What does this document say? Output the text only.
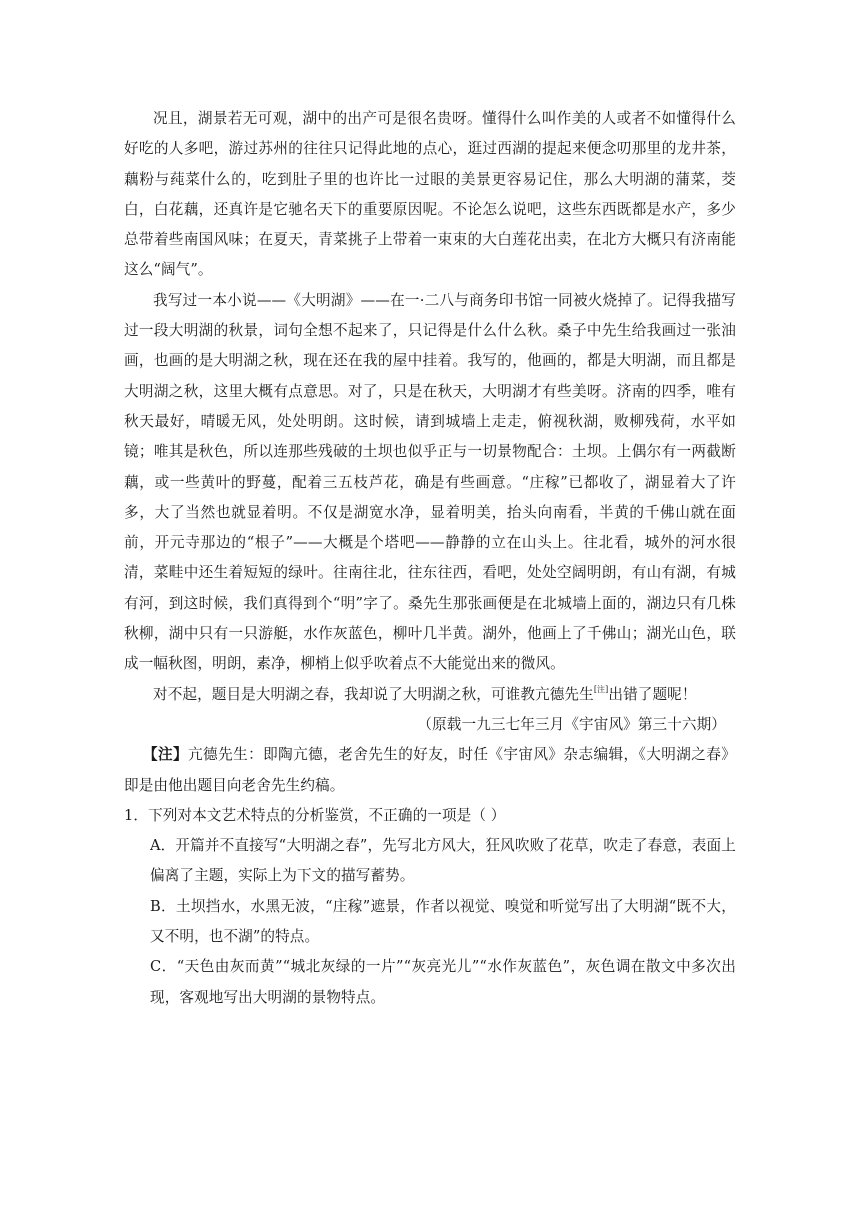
况且，湖景若无可观，湖中的出产可是很名贵呀。懂得什么叫作美的人或者不如懂得什么好吃的人多吧，游过苏州的往往只记得此地的点心，逛过西湖的提起来便念叨那里的龙井茶，藕粉与莼菜什么的，吃到肚子里的也许比一过眼的美景更容易记住，那么大明湖的蒲菜，茭白，白花藕，还真许是它驰名天下的重要原因呢。不论怎么说吧，这些东西既都是水产，多少总带着些南国风味；在夏天，青菜挑子上带着一束束的大白莲花出卖，在北方大概只有济南能这么“阔气”。

我写过一本小说——《大明湖》——在一·二八与商务印书馆一同被火烧掉了。记得我描写过一段大明湖的秋景，词句全想不起来了，只记得是什么什么秋。桑子中先生给我画过一张油画，也画的是大明湖之秋，现在还在我的屋中挂着。我写的，他画的，都是大明湖，而且都是大明湖之秋，这里大概有点意思。对了，只是在秋天，大明湖才有些美呀。济南的四季，唯有秋天最好，晴暖无风，处处明朗。这时候，请到城墙上走走，俯视秋湖，败柳残荷，水平如镜；唯其是秋色，所以连那些残破的土坝也似乎正与一切景物配合：土坝。上偶尔有一两截断藕，或一些黄叶的野蔓，配着三五枝芦花，确是有些画意。“庄稼”已都收了，湖显着大了许多，大了当然也就显着明。不仅是湖宽水净，显着明美，抬头向南看，半黄的千佛山就在面前，开元寺那边的“根子”——大概是个塔吧——静静的立在山头上。往北看，城外的河水很清，菜畦中还生着短短的绿叶。往南往北，往东往西，看吧，处处空阔明朗，有山有湖，有城有河，到这时候，我们真得到个“明”字了。桑先生那张画便是在北城墙上面的，湖边只有几株秋柳，湖中只有一只游艇，水作灰蓝色，柳叶几半黄。湖外，他画上了千佛山；湖光山色，联成一幅秋图，明朗，素净，柳梢上似乎吹着点不大能觉出来的微风。

对不起，题目是大明湖之春，我却说了大明湖之秋，可谁教亢德先生[注]出错了题呢！

（原载一九三七年三月《宇宙风》第三十六期）

【注】亢德先生：即陶亢德，老舍先生的好友，时任《宇宙风》杂志编辑，《大明湖之春》即是由他出题目向老舍先生约稿。

1．下列对本文艺术特点的分析鉴赏，不正确的一项是（ ）

A．开篇并不直接写“大明湖之春”，先写北方风大，狂风吹败了花草，吹走了春意，表面上偏离了主题，实际上为下文的描写蓄势。

B．土坝挡水，水黑无波，“庄稼”遮景，作者以视觉、嗅觉和听觉写出了大明湖“既不大，又不明，也不湖”的特点。

C．“天色由灰而黄”“城北灰绿的一片”“灰亮光儿”“水作灰蓝色”，灰色调在散文中多次出现，客观地写出大明湖的景物特点。
